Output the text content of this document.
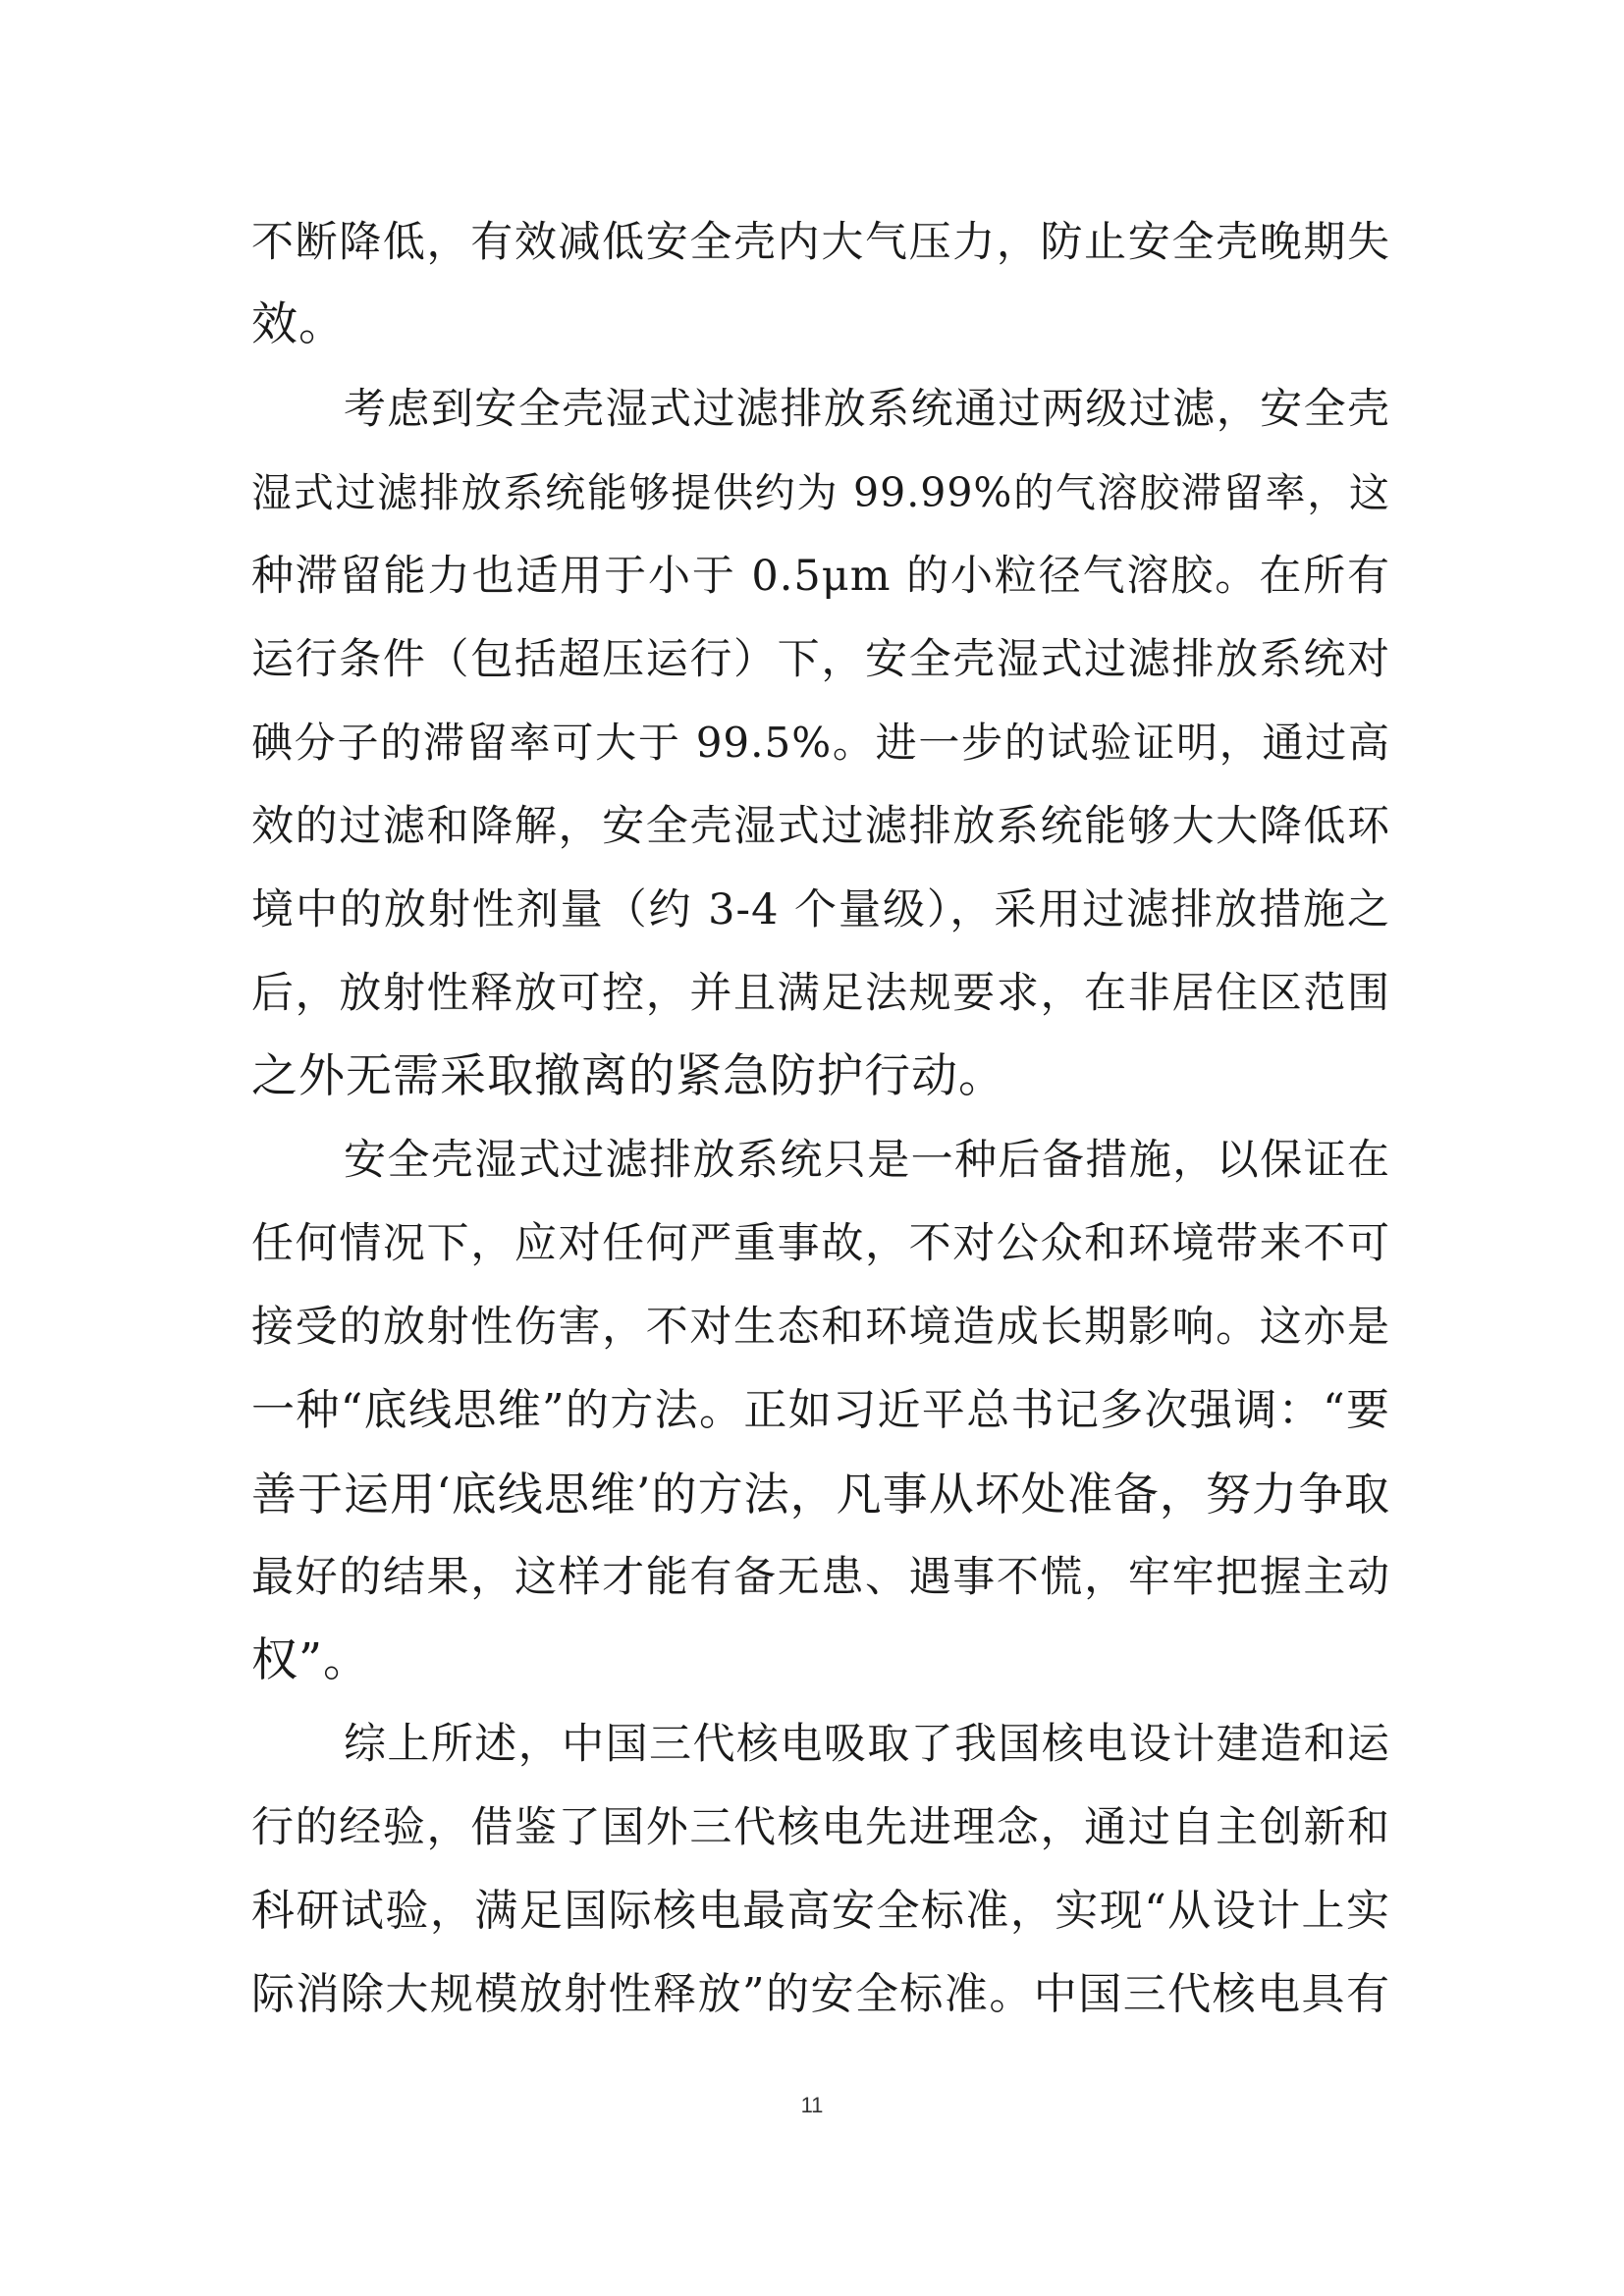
不断降低，有效减低安全壳内大气压力，防止安全壳晚期失
效。
考虑到安全壳湿式过滤排放系统通过两级过滤，安全壳
湿式过滤排放系统能够提供约为 99.99%的气溶胶滞留率，这
种滞留能力也适用于小于 0.5μm 的小粒径气溶胶。在所有
运行条件（包括超压运行）下，安全壳湿式过滤排放系统对
碘分子的滞留率可大于 99.5%。进一步的试验证明，通过高
效的过滤和降解，安全壳湿式过滤排放系统能够大大降低环
境中的放射性剂量（约 3-4 个量级），采用过滤排放措施之
后，放射性释放可控，并且满足法规要求，在非居住区范围
之外无需采取撤离的紧急防护行动。
安全壳湿式过滤排放系统只是一种后备措施，以保证在
任何情况下，应对任何严重事故，不对公众和环境带来不可
接受的放射性伤害，不对生态和环境造成长期影响。这亦是
一种“底线思维”的方法。正如习近平总书记多次强调：“要
善于运用‘底线思维’的方法，凡事从坏处准备，努力争取
最好的结果，这样才能有备无患、遇事不慌，牢牢把握主动
权”。
综上所述，中国三代核电吸取了我国核电设计建造和运
行的经验，借鉴了国外三代核电先进理念，通过自主创新和
科研试验，满足国际核电最高安全标准，实现“从设计上实
际消除大规模放射性释放”的安全标准。中国三代核电具有
11
